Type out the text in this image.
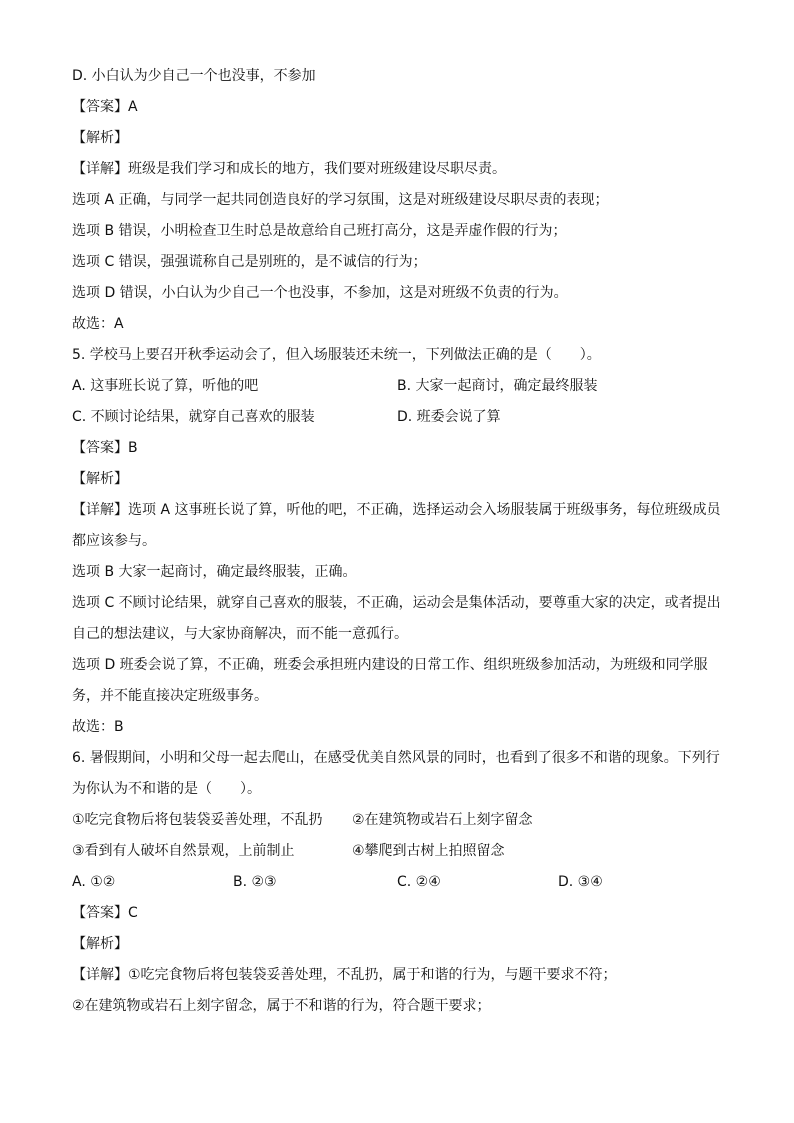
D. 小白认为少自己一个也没事，不参加
【答案】A
【解析】
【详解】班级是我们学习和成长的地方，我们要对班级建设尽职尽责。
选项 A 正确，与同学一起共同创造良好的学习氛围，这是对班级建设尽职尽责的表现；
选项 B 错误，小明检查卫生时总是故意给自己班打高分，这是弄虚作假的行为；
选项 C 错误，强强谎称自己是别班的，是不诚信的行为；
选项 D 错误，小白认为少自己一个也没事，不参加，这是对班级不负责的行为。
故选：A
5. 学校马上要召开秋季运动会了，但入场服装还未统一，下列做法正确的是（　　）。
A. 这事班长说了算，听他的吧	B. 大家一起商讨，确定最终服装
C. 不顾讨论结果，就穿自己喜欢的服装	D. 班委会说了算
【答案】B
【解析】
【详解】选项 A 这事班长说了算，听他的吧，不正确，选择运动会入场服装属于班级事务，每位班级成员
都应该参与。
选项 B 大家一起商讨，确定最终服装，正确。
选项 C 不顾讨论结果，就穿自己喜欢的服装，不正确，运动会是集体活动，要尊重大家的决定，或者提出
自己的想法建议，与大家协商解决，而不能一意孤行。
选项 D 班委会说了算，不正确，班委会承担班内建设的日常工作、组织班级参加活动，为班级和同学服
务，并不能直接决定班级事务。
故选：B
6. 暑假期间，小明和父母一起去爬山，在感受优美自然风景的同时，也看到了很多不和谐的现象。下列行
为你认为不和谐的是（　　）。
①吃完食物后将包装袋妥善处理，不乱扔 ②在建筑物或岩石上刻字留念
③看到有人破坏自然景观，上前制止	④攀爬到古树上拍照留念
A. ①②	B. ②③	C. ②④	D. ③④
【答案】C
【解析】
【详解】①吃完食物后将包装袋妥善处理，不乱扔，属于和谐的行为，与题干要求不符；
②在建筑物或岩石上刻字留念，属于不和谐的行为，符合题干要求；
